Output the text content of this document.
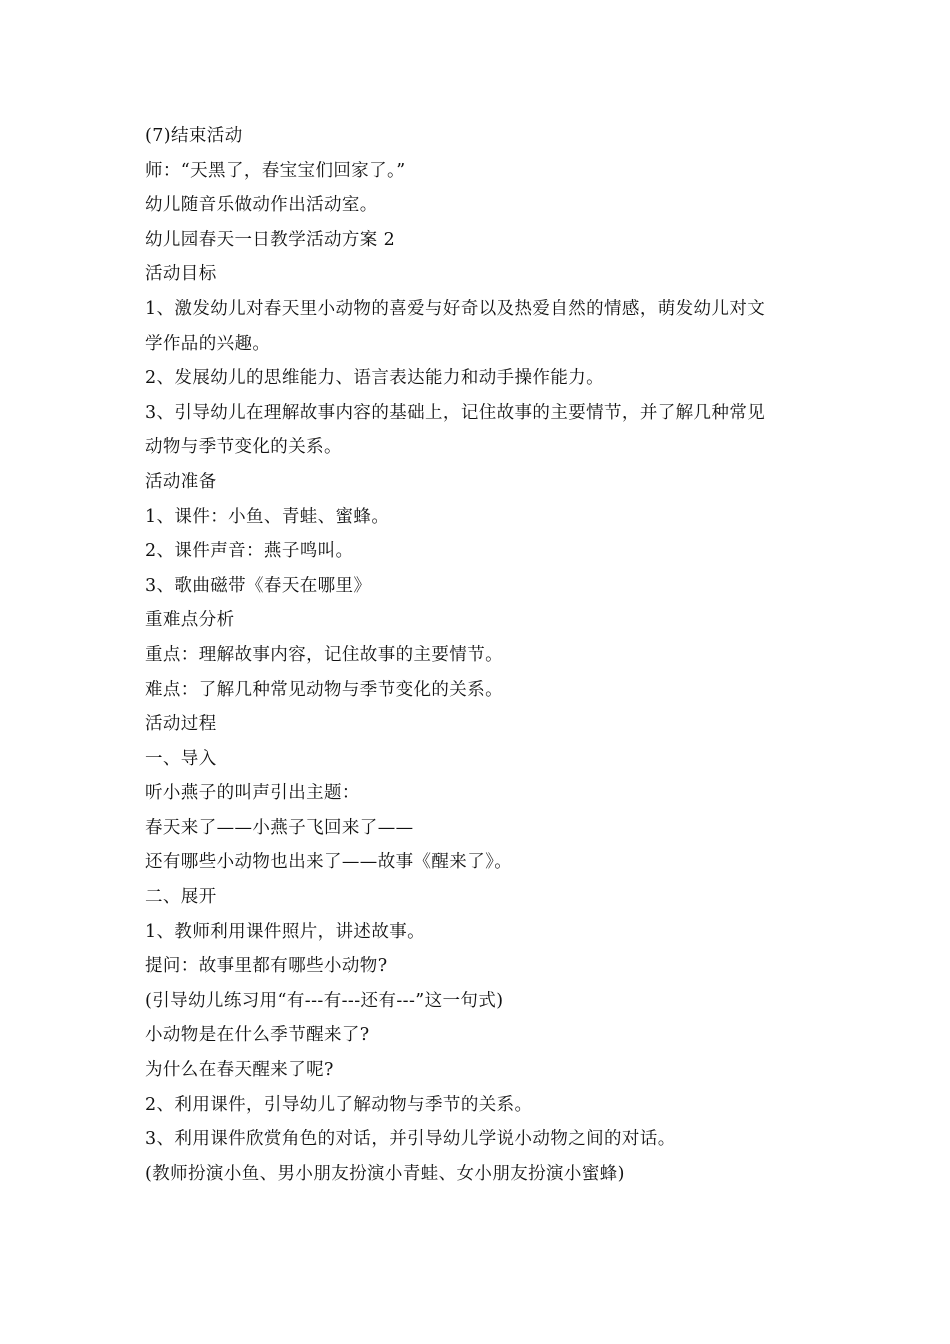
(7)结束活动

师：“天黑了，春宝宝们回家了。”

幼儿随音乐做动作出活动室。

幼儿园春天一日教学活动方案 2

活动目标

1、激发幼儿对春天里小动物的喜爱与好奇以及热爱自然的情感，萌发幼儿对文

学作品的兴趣。

2、发展幼儿的思维能力、语言表达能力和动手操作能力。

3、引导幼儿在理解故事内容的基础上，记住故事的主要情节，并了解几种常见

动物与季节变化的关系。

活动准备

1、课件：小鱼、青蛙、蜜蜂。

2、课件声音：燕子鸣叫。

3、歌曲磁带《春天在哪里》

重难点分析

重点：理解故事内容，记住故事的主要情节。

难点：了解几种常见动物与季节变化的关系。

活动过程

一、导入

听小燕子的叫声引出主题：

春天来了——小燕子飞回来了——

还有哪些小动物也出来了——故事《醒来了》。

二、展开

1、教师利用课件照片，讲述故事。

提问：故事里都有哪些小动物?

(引导幼儿练习用“有---有---还有---”这一句式)

小动物是在什么季节醒来了?

为什么在春天醒来了呢?

2、利用课件，引导幼儿了解动物与季节的关系。

3、利用课件欣赏角色的对话，并引导幼儿学说小动物之间的对话。

(教师扮演小鱼、男小朋友扮演小青蛙、女小朋友扮演小蜜蜂)
